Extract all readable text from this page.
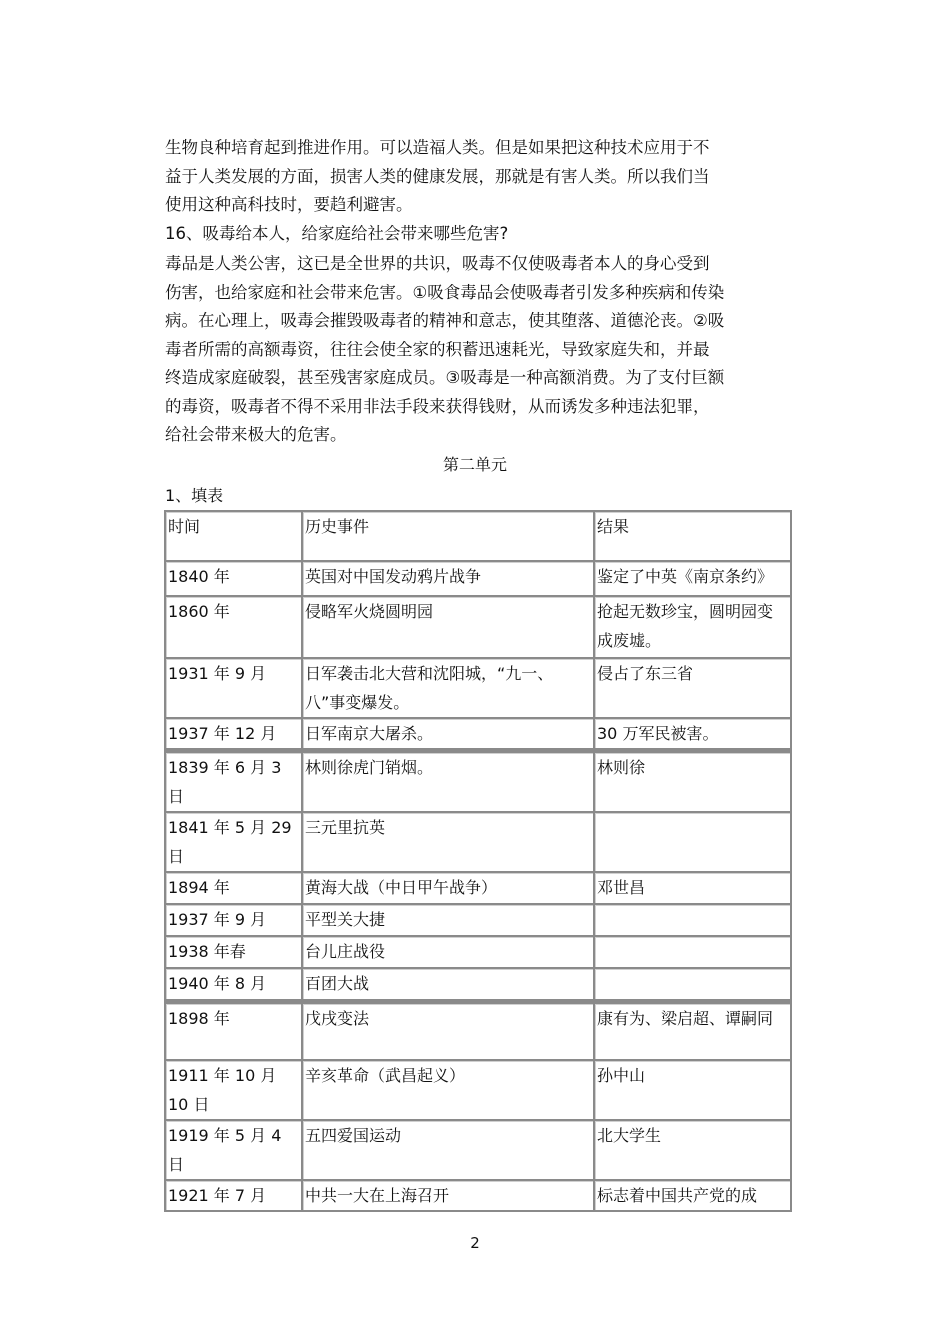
生物良种培育起到推进作用。可以造福人类。但是如果把这种技术应用于不益于人类发展的方面，损害人类的健康发展，那就是有害人类。所以我们当使用这种高科技时，要趋利避害。

16、吸毒给本人，给家庭给社会带来哪些危害?

毒品是人类公害，这已是全世界的共识，吸毒不仅使吸毒者本人的身心受到伤害，也给家庭和社会带来危害。①吸食毒品会使吸毒者引发多种疾病和传染病。在心理上，吸毒会摧毁吸毒者的精神和意志，使其堕落、道德沦丧。②吸毒者所需的高额毒资，往往会使全家的积蓄迅速耗光，导致家庭失和，并最终造成家庭破裂，甚至残害家庭成员。③吸毒是一种高额消费。为了支付巨额的毒资，吸毒者不得不采用非法手段来获得钱财，从而诱发多种违法犯罪，给社会带来极大的危害。

第二单元
1、填表
时间	历史事件	结果
1840 年	英国对中国发动鸦片战争	鉴定了中英《南京条约》
1860 年	侵略军火烧圆明园	抢起无数珍宝，圆明园变成废墟。
1931 年 9 月	日军袭击北大营和沈阳城，“九一、八”事变爆发。	侵占了东三省
1937 年 12 月	日军南京大屠杀。	30 万军民被害。
1839 年 6 月 3 日	林则徐虎门销烟。	林则徐
1841 年 5 月 29 日	三元里抗英	
1894 年	黄海大战（中日甲午战争）	邓世昌
1937 年 9 月	平型关大捷	
1938 年春	台儿庄战役	
1940 年 8 月	百团大战	
1898 年	戊戌变法	康有为、梁启超、谭嗣同
1911 年 10 月 10 日	辛亥革命（武昌起义）	孙中山
1919 年 5 月 4 日	五四爱国运动	北大学生
1921 年 7 月	中共一大在上海召开	标志着中国共产党的成
2
